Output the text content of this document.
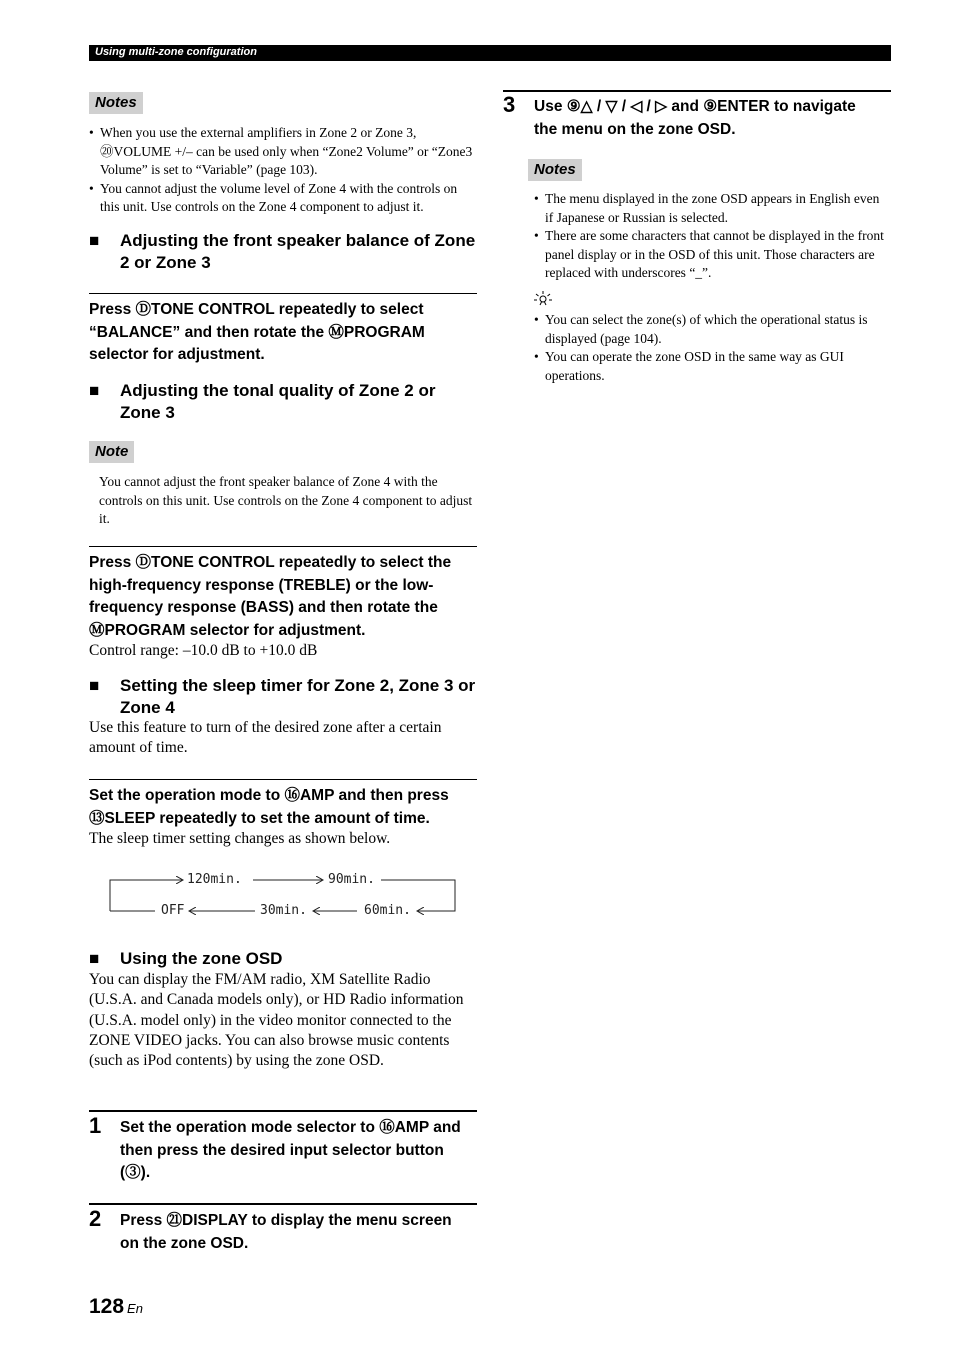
Using multi-zone configuration
Notes
• When you use the external amplifiers in Zone 2 or Zone 3, ⑳VOLUME +/– can be used only when “Zone2 Volume” or “Zone3 Volume” is set to “Variable” (page 103).
• You cannot adjust the volume level of Zone 4 with the controls on this unit. Use controls on the Zone 4 component to adjust it.
■ Adjusting the front speaker balance of Zone 2 or Zone 3
Press ⒹTONE CONTROL repeatedly to select “BALANCE” and then rotate the ⓂPROGRAM selector for adjustment.
■ Adjusting the tonal quality of Zone 2 or Zone 3
Note
You cannot adjust the front speaker balance of Zone 4 with the controls on this unit. Use controls on the Zone 4 component to adjust it.
Press ⒹTONE CONTROL repeatedly to select the high-frequency response (TREBLE) or the low-frequency response (BASS) and then rotate the ⓂPROGRAM selector for adjustment.
Control range: –10.0 dB to +10.0 dB
■ Setting the sleep timer for Zone 2, Zone 3 or Zone 4
Use this feature to turn of the desired zone after a certain amount of time.
Set the operation mode to ⑯AMP and then press ⑬SLEEP repeatedly to set the amount of time.
The sleep timer setting changes as shown below.
120min.	90min.
OFF	30min.	60min.
■ Using the zone OSD
You can display the FM/AM radio, XM Satellite Radio (U.S.A. and Canada models only), or HD Radio information (U.S.A. model only) in the video monitor connected to the ZONE VIDEO jacks. You can also browse music contents (such as iPod contents) by using the zone OSD.
1 Set the operation mode selector to ⑯AMP and then press the desired input selector button (③).
2 Press ㉑DISPLAY to display the menu screen on the zone OSD.
3 Use ⑨△ / ▽ / ◁ / ▷ and ⑨ENTER to navigate the menu on the zone OSD.
Notes
• The menu displayed in the zone OSD appears in English even if Japanese or Russian is selected.
• There are some characters that cannot be displayed in the front panel display or in the OSD of this unit. Those characters are replaced with underscores “_”.
• You can select the zone(s) of which the operational status is displayed (page 104).
• You can operate the zone OSD in the same way as GUI operations.
128 En
